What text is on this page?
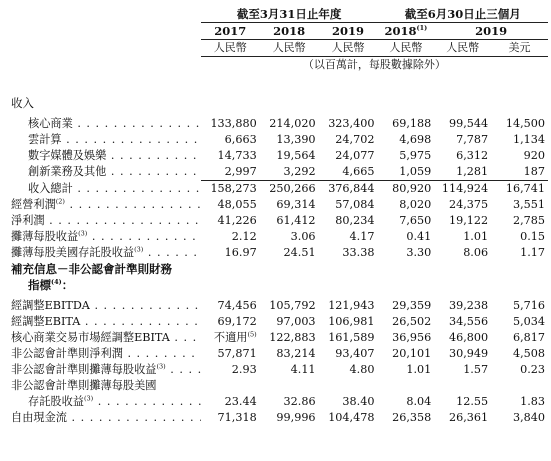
	截至3月31日止年度			截至6月30日止三個月		
	2017	2018	2019	2018$^{(1)}$	2019	
	人民幣	人民幣	人民幣	人民幣	人民幣	美元
	（以百萬計，每股數據除外）					

收入						

核心商業 . . .	133,880	214,020	323,400	69,188	99,544	14,500
雲計算 . . .	6,663	13,390	24,702	4,698	7,787	1,134
數字媒體及娛樂 . . .	14,733	19,564	24,077	5,975	6,312	920
創新業務及其他 . . .	2,997	3,292	4,665	1,059	1,281	187
收入總計 . . .	158,273	250,266	376,844	80,920	114,924	16,741
經營利潤$^{(2)}$ . . .	48,055	69,314	57,084	8,020	24,375	3,551
淨利潤 . . .	41,226	61,412	80,234	7,650	19,122	2,785
攤薄每股收益$^{(3)}$ . . .	2.12	3.06	4.17	0.41	1.01	0.15
攤薄每股美國存託股收益$^{(3)}$ . . .	16.97	24.51	33.38	3.30	8.06	1.17
補充信息－非公認會計準則財務						
指標$^{(4)}$：						

經調整EBITDA . . .	74,456	105,792	121,943	29,359	39,238	5,716
經調整EBITA . . .	69,172	97,003	106,981	26,502	34,556	5,034
核心商業交易市場經調整EBITA . . .	不適用$^{(5)}$	122,883	161,589	36,956	46,800	6,817
非公認會計準則淨利潤 . . .	57,871	83,214	93,407	20,101	30,949	4,508
非公認會計準則攤薄每股收益$^{(3)}$ . . .	2.93	4.11	4.80	1.01	1.57	0.23
非公認會計準則攤薄每股美國						
存託股收益$^{(3)}$ . . .	23.44	32.86	38.40	8.04	12.55	1.83
自由現金流 . . .	71,318	99,996	104,478	26,358	26,361	3,840
